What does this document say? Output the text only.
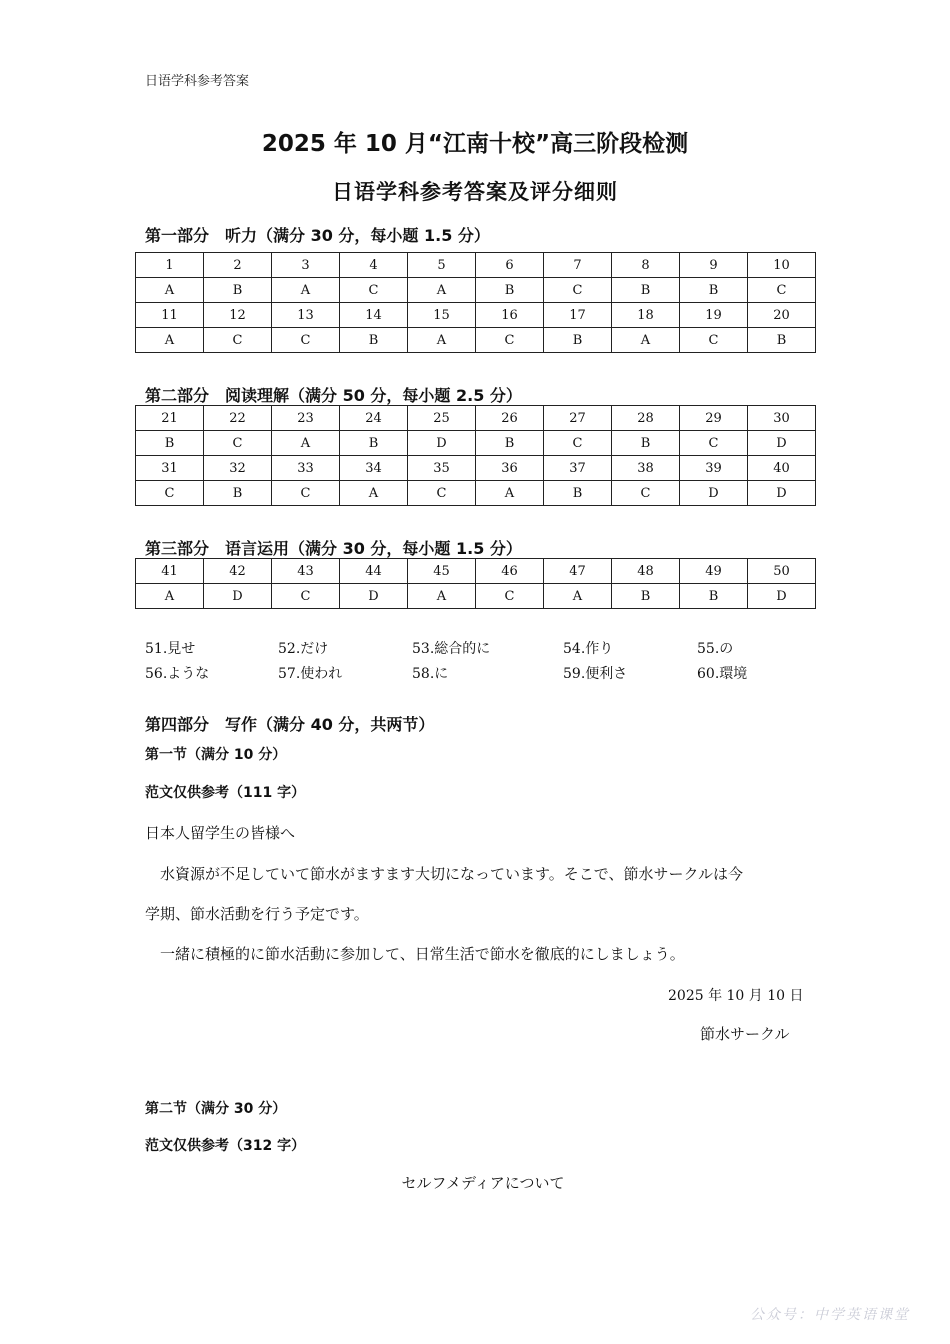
日语学科参考答案
2025 年 10 月“江南十校”高三阶段检测
日语学科参考答案及评分细则
第一部分　听力（满分 30 分，每小题 1.5 分）
1	2	3	4	5	6	7	8	9	10
A	B	A	C	A	B	C	B	B	C
11	12	13	14	15	16	17	18	19	20
A	C	C	B	A	C	B	A	C	B
第二部分　阅读理解（满分 50 分，每小题 2.5 分）
21	22	23	24	25	26	27	28	29	30
B	C	A	B	D	B	C	B	C	D
31	32	33	34	35	36	37	38	39	40
C	B	C	A	C	A	B	C	D	D
第三部分　语言运用（满分 30 分，每小题 1.5 分）
41	42	43	44	45	46	47	48	49	50
A	D	C	D	A	C	A	B	B	D
51.見せ	52.だけ	53.総合的に	54.作り	55.の
56.ような	57.使われ	58.に	59.便利さ	60.環境
第四部分　写作（满分 40 分，共两节）
第一节（满分 10 分）
范文仅供参考（111 字）
日本人留学生の皆様へ
水資源が不足していて節水がますます大切になっています。そこで、節水サークルは今
学期、節水活動を行う予定です。
一緒に積極的に節水活動に参加して、日常生活で節水を徹底的にしましょう。
2025 年 10 月 10 日
節水サークル
第二节（满分 30 分）
范文仅供参考（312 字）
セルフメディアについて
公众号：中学英语课堂
